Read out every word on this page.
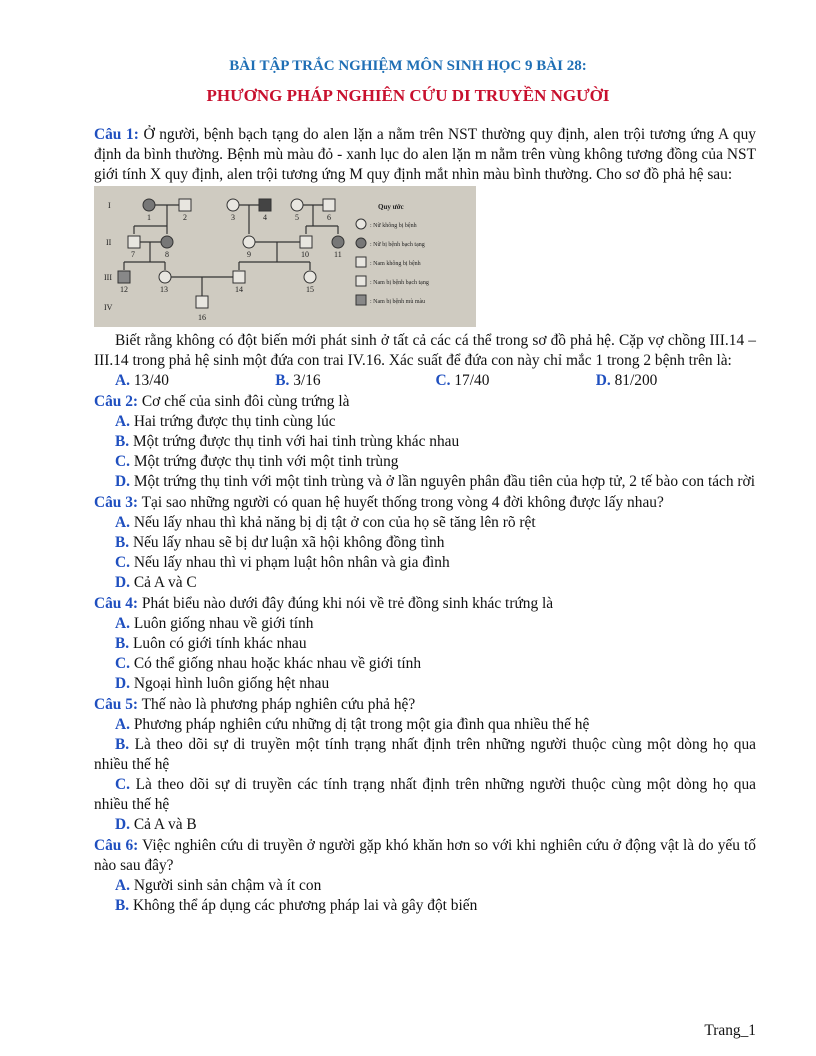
BÀI TẬP TRẮC NGHIỆM MÔN SINH HỌC 9 BÀI 28:
PHƯƠNG PHÁP NGHIÊN CỨU DI TRUYỀN NGƯỜI

Câu 1: Ở người, bệnh bạch tạng do alen lặn a nằm trên NST thường quy định, alen trội tương ứng A quy định da bình thường. Bệnh mù màu đỏ - xanh lục do alen lặn m nằm trên vùng không tương đồng của NST giới tính X quy định, alen trội tương ứng M quy định mắt nhìn màu bình thường. Cho sơ đồ phả hệ sau:

I
II
III
IV
1	2	3	4	5	6
7	8	9	10	11
12	13	14	15
16
Quy ước
: Nữ không bị bệnh
: Nữ bị bệnh bạch tạng
: Nam không bị bệnh
: Nam bị bệnh bạch tạng
: Nam bị bệnh mù màu

Biết rằng không có đột biến mới phát sinh ở tất cả các cá thể trong sơ đồ phả hệ. Cặp vợ chồng III.14 – III.14 trong phả hệ sinh một đứa con trai IV.16. Xác suất để đứa con này chỉ mắc 1 trong 2 bệnh trên là:

A. 13/40	B. 3/16	C. 17/40	D. 81/200

Câu 2: Cơ chế của sinh đôi cùng trứng là

A. Hai trứng được thụ tinh cùng lúc

B. Một trứng được thụ tinh với hai tinh trùng khác nhau

C. Một trứng được thụ tinh với một tinh trùng

D. Một trứng thụ tinh với một tinh trùng và ở lần nguyên phân đầu tiên của hợp tử, 2 tế bào con tách rời

Câu 3: Tại sao những người có quan hệ huyết thống trong vòng 4 đời không được lấy nhau?

A. Nếu lấy nhau thì khả năng bị dị tật ở con của họ sẽ tăng lên rõ rệt

B. Nếu lấy nhau sẽ bị dư luận xã hội không đồng tình

C. Nếu lấy nhau thì vi phạm luật hôn nhân và gia đình

D. Cả A và C

Câu 4: Phát biểu nào dưới đây đúng khi nói về trẻ đồng sinh khác trứng là

A. Luôn giống nhau về giới tính

B. Luôn có giới tính khác nhau

C. Có thể giống nhau hoặc khác nhau về giới tính

D. Ngoại hình luôn giống hệt nhau

Câu 5: Thế nào là phương pháp nghiên cứu phả hệ?

A. Phương pháp nghiên cứu những dị tật trong một gia đình qua nhiều thế hệ

B. Là theo dõi sự di truyền một tính trạng nhất định trên những người thuộc cùng một dòng họ qua nhiều thế hệ

C. Là theo dõi sự di truyền các tính trạng nhất định trên những người thuộc cùng một dòng họ qua nhiều thế hệ

D. Cả A và B

Câu 6: Việc nghiên cứu di truyền ở người gặp khó khăn hơn so với khi nghiên cứu ở động vật là do yếu tố nào sau đây?

A. Người sinh sản chậm và ít con

B. Không thể áp dụng các phương pháp lai và gây đột biến

Trang_1
